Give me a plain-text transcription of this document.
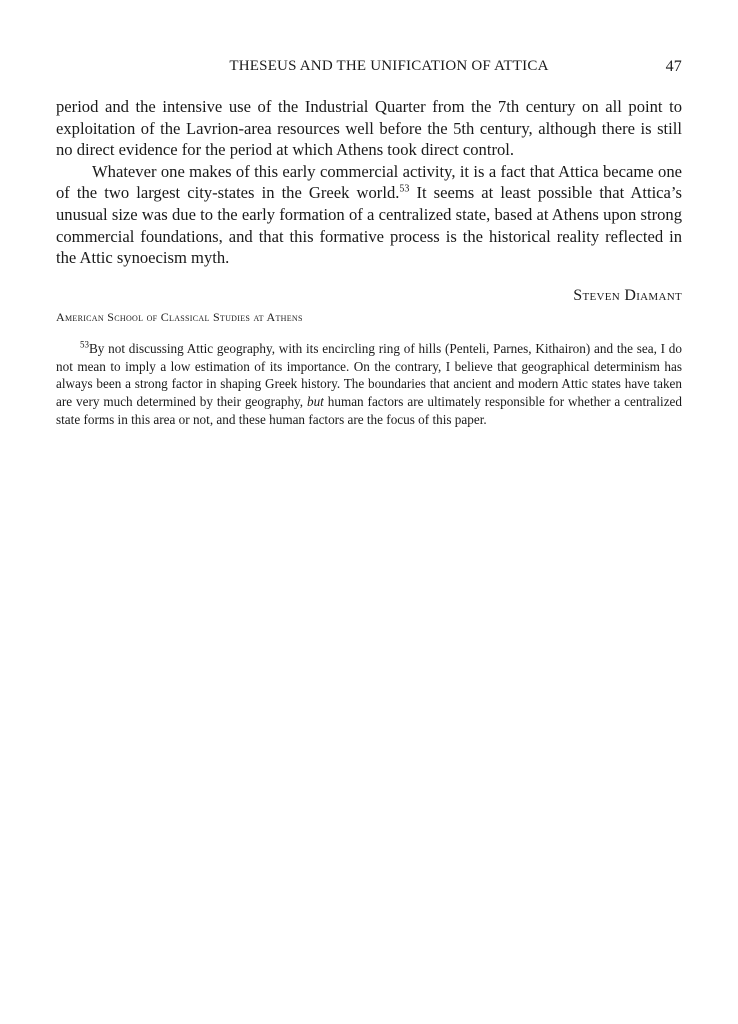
THESEUS AND THE UNIFICATION OF ATTICA	47

period and the intensive use of the Industrial Quarter from the 7th century on all point to exploitation of the Lavrion-area resources well before the 5th century, although there is still no direct evidence for the period at which Athens took direct control.

Whatever one makes of this early commercial activity, it is a fact that Attica became one of the two largest city-states in the Greek world.$^{53}$ It seems at least possible that Attica’s unusual size was due to the early formation of a centralized state, based at Athens upon strong commercial foundations, and that this formative process is the historical reality reflected in the Attic synoecism myth.

Steven Diamant
American School of Classical Studies at Athens

$^{53}$By not discussing Attic geography, with its encircling ring of hills (Penteli, Parnes, Kithairon) and the sea, I do not mean to imply a low estimation of its importance. On the contrary, I believe that geographical determinism has always been a strong factor in shaping Greek history. The boundaries that ancient and modern Attic states have taken are very much determined by their geography, but human factors are ultimately responsible for whether a centralized state forms in this area or not, and these human factors are the focus of this paper.
